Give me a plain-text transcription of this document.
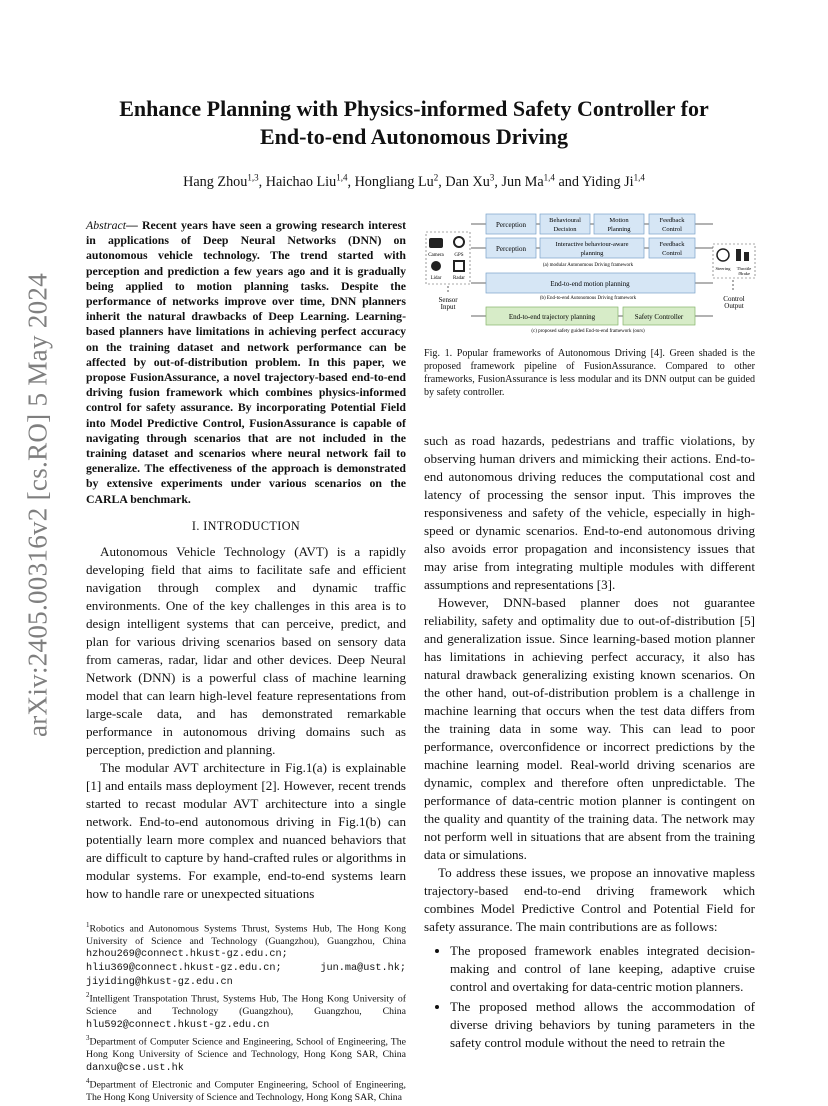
arXiv:2405.00316v2 [cs.RO] 5 May 2024
Enhance Planning with Physics-informed Safety Controller for
End-to-end Autonomous Driving
Hang Zhou$^{1,3}$, Haichao Liu$^{1,4}$, Hongliang Lu$^2$, Dan Xu$^3$, Jun Ma$^{1,4}$ and Yiding Ji$^{1,4}$
Abstract— Recent years have seen a growing research interest in applications of Deep Neural Networks (DNN) on autonomous vehicle technology. The trend started with perception and prediction a few years ago and it is gradually being applied to motion planning tasks. Despite the performance of networks improve over time, DNN planners inherit the natural drawbacks of Deep Learning. Learning-based planners have limitations in achieving perfect accuracy on the training dataset and network performance can be affected by out-of-distribution problem. In this paper, we propose FusionAssurance, a novel trajectory-based end-to-end driving fusion framework which combines physics-informed control for safety assurance. By incorporating Potential Field into Model Predictive Control, FusionAssurance is capable of navigating through scenarios that are not included in the training dataset and scenarios where neural network fail to generalize. The effectiveness of the approach is demonstrated by extensive experiments under various scenarios on the CARLA benchmark.
I. INTRODUCTION

Autonomous Vehicle Technology (AVT) is a rapidly developing field that aims to facilitate safe and efficient navigation through complex and dynamic traffic environments. One of the key challenges in this area is to design intelligent systems that can perceive, predict, and plan for various driving scenarios based on sensory data from cameras, radar, lidar and other devices. Deep Neural Network (DNN) is a powerful class of machine learning model that can learn high-level feature representations from large-scale data, and has demonstrated remarkable performance in autonomous driving domains such as perception, prediction and planning.

The modular AVT architecture in Fig.1(a) is explainable [1] and entails mass deployment [2]. However, recent trends started to recast modular AVT architecture into a single network. End-to-end autonomous driving in Fig.1(b) can potentially learn more complex and nuanced behaviors that are difficult to capture by hand-crafted rules or algorithms in modular systems. For example, end-to-end systems learn how to handle rare or unexpected situations

$^1$Robotics and Autonomous Systems Thrust, Systems Hub, The Hong Kong University of Science and Technology (Guangzhou), Guangzhou, China hzhou269@connect.hkust-gz.edu.cn; hliu369@connect.hkust-gz.edu.cn; jun.ma@ust.hk; jiyiding@hkust-gz.edu.cn
$^2$Intelligent Transpotation Thrust, Systems Hub, The Hong Kong University of Science and Technology (Guangzhou), Guangzhou, China hlu592@connect.hkust-gz.edu.cn
$^3$Department of Computer Science and Engineering, School of Engineering, The Hong Kong University of Science and Technology, Hong Kong SAR, China danxu@cse.ust.hk
$^4$Department of Electronic and Computer Engineering, School of Engineering, The Hong Kong University of Science and Technology, Hong Kong SAR, China
Camera GPS
Lidar Radar
Sensor
Input
Perception
Behavioural
Decision
Motion
Planning
Feedback
Control
Perception
Interactive behaviour-aware
planning
Feedback
Control
(a) modular Autonomous Driving framework
End-to-end motion planning
(b) End-to-end Autonomous Driving framework
End-to-end trajectory planning	Safety Controller
(c) proposed safety guided End-to-end framework (ours)
Steering Throttle
/Brake
Control
Output
Fig. 1. Popular frameworks of Autonomous Driving [4]. Green shaded is the proposed framework pipeline of FusionAssurance. Compared to other frameworks, FusionAssurance is less modular and its DNN output can be guided by safety controller.

such as road hazards, pedestrians and traffic violations, by observing human drivers and mimicking their actions. End-to-end autonomous driving reduces the computational cost and latency of processing the sensor input. This improves the responsiveness and safety of the vehicle, especially in high-speed or dynamic scenarios. End-to-end autonomous driving also avoids error propagation and inconsistency issues that may arise from integrating multiple modules with different assumptions and representations [3].

However, DNN-based planner does not guarantee reliability, safety and optimality due to out-of-distribution [5] and generalization issue. Since learning-based motion planner has limitations in achieving perfect accuracy, it also has natural drawback generalizing existing known scenarios. On the other hand, out-of-distribution problem is a challenge in machine learning that occurs when the test data differs from the training data in some way. This can lead to poor performance, overconfidence or incorrect predictions by the machine learning model. Real-world driving scenarios are dynamic, complex and therefore often unpredictable. The performance of data-centric motion planner is contingent on the quality and quantity of the training data. The network may not perform well in situations that are absent from the training data or simulations.

To address these issues, we propose an innovative mapless trajectory-based end-to-end driving framework which combines Model Predictive Control and Potential Field for safety assurance. The main contributions are as follows:

• The proposed framework enables integrated decision-making and control of lane keeping, adaptive cruise control and overtaking for data-centric motion planners.
• The proposed method allows the accommodation of diverse driving behaviors by tuning parameters in the safety control module without the need to retrain the
